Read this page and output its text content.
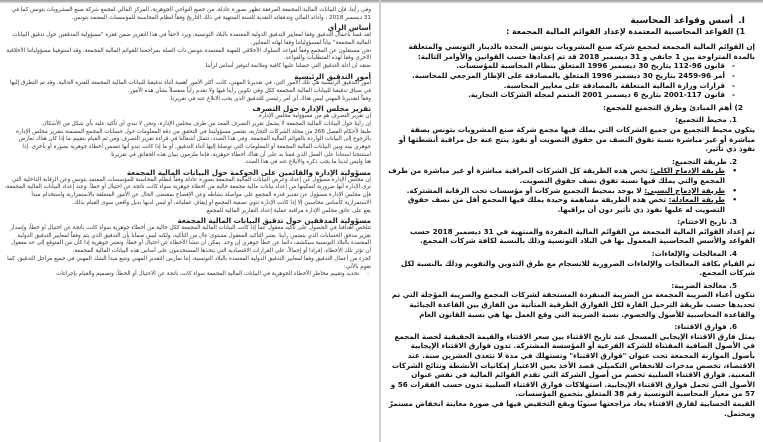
I.أسس وقواعد المحاسبة
1) القواعد المحاسبية المعتمدة لإعداد القوائم المالية المجمعة :

إن القوائم المالية المجمعة لمجمع شركة صنع المشروبات بتونس المحدة بالدينار التونسي والمتعلقة بالمدة المتراوحة بين 1 جانفي و 31 ديسمبر 2018 قد تم إعدادها حسب القوانين والأوامر التالية:

- قانون 96-112 بتاريخ 30 ديسمبر 1996 المتعلق بنظام المحاسبة للمؤسسات.
- أمر 96-2459 بتاريخ 30 ديسمبر 1996 المتعلق بالمصادقة على الإطار المرجعي للمحاسبة.
- قرارات وزارة المالية المتعلقة بالمصادقة على معايير المحاسبة.
- قانون 117-2001 بتاريخ 6 ديسمبر 2001 المتمم لمجلة الشركات التجارية.
2) أهم المبادئ وطرق التجميع للمجمع:
1. محيط التجميع:

يتكون محيط التجميع من جميع الشركات التي يملك فيها مجمع شركة صنع المشروبات بتونس بصفة مباشرة أو غير مباشرة نسبة تفوق النصف من حقوق التصويت أو نفوذ ينتج عنه حل مراقبة أنشطتها أو نفوذ ذي تأثير.

2. طريقة التجميع:
• طريقة الإدماج الكلي: تخص هذه الطريقة كل الشركات المراقبة مباشرة أو غير مباشرة من طرف المجمع والتي يملك فيها نسبة تفوق نصف حقوق التصويت.
• طريقة الإدماج النسبي: لا يوجد بمحيط التجميع شركات أو مؤسسات تحت الرقابة المشتركة.
• طريقة المعادلة: تخص هذه الطريقة مساهمة وحيدة يملك فيها المجمع أقل من نصف حقوق التصويت له عليها نفوذ ذي تأثير دون أن يراقبها.
3. تاريخ الاختتام:

تم إعداد القوائم المالية المجمعة من القوائم المالية المفردة والمنتهية في 31 ديسمبر 2018 حسب القواعد والأسس المحاسبية المعمول بها في البلاد التونسية وذلك بالنسبة لكافة شركات المجمع.

4. المعالجات والإلغاءات:

تم القيام بكافة المعالجات والإلغاءات الضرورية للانسجام مع طرق التدوين والتقويم وذلك بالنسبة لكل شركات المجمع.

5. معالجة الضريبة:

تتكون أعباء الضريبة المجمعة من الضريبة المنفردة المستحقة لشركات المجمع والضريبة المؤجلة التي تم تحديدها حسب طريقة الترحيل القارة لكل الفوارق الظرفية المتأتية من الفارق بين القاعدة الجبائية والقاعدة المحاسبية للأصول والخصوم. نسبة الضريبة التي وقع العمل بها هي نسبة القانون العام

6. فوارق الاقتناء:

يمثل فارق الاقتناء الإيجابي المسجل عند تاريخ الاقتناء بين سعر الاقتناء والقيمة الحقيقية لحصة المجمع في الأصول الصافية المقتناة للشركة الفرعية أو المؤسسة المشتركة. تدون فوارق الاقتناء الإيجابية بأصول الموازنة المجمعة تحت عنوان "فوارق الاقتناء" وتستهلك في مدة لا تتعدى العشرين سنة. عند الاقتضاء، تخصص مدخرات للانخفاض التكميلي قصد الأخذ بعين الاعتبار إمكانيات الأنشطة ونتائج الشركات المعنية. فوارق الاقتناء السلبية تخصم من أصول الشركة التي تقدم القوائم المالية في نفس عنوان الأصول التي تحمل فوارق الاقتناء الإيجابية. استهلاكات فوارق الاقتناء السلبية تدون حسب الفقرات 56 و 57 من معيار المحاسبة التونسية رقم 38 المتعلق بتجميع المؤسسات.

القيمة الحسابية لفارق الاقتناء يعاد مراجعتها سنويًا ويقع التخفيض فيها في صورة معاينة انخفاض مستمرّ ومحتمل.

وفي رأينا، فإن البيانات المالية المجمعة المرفقة تظهر بصورة عادلة، من جميع النواحي الجوهرية، المركز المالي لمجمع شركة صنع المشروبات بتونس كما في 31 ديسمبر 2018 ، وأدائه المالي وتدفقاته النقدية للسنة المنتهية في ذلك التاريخ وفقاً لنظام المحاسبة للمؤسسات المعتمد بتونس.

أساس الرأي

لقد قمنا بأعمال التدقيق وفقا لمعايير التدقيق الدولية المعتمدة بالبلاد التونسية، ويرد لاحقاً في هذا التقرير ضمن فقرة "مسؤولية المدققين حول تدقيق البيانات المالية المجمعة" بياناً لمسؤولياتنا وفقا لهاته المعايير.

نحن مستقلون عن المجمع وفقاً لقواعد السلوك الأخلاقي للمهنة المعتمدة بتونس ذات الصلة بمراجعتنا للقوائم المالية المجمعة. وقد استوفينا مسؤولياتنا الأخلاقية الأخرى وفقا لهذه المتطلبات والقواعد.

نعتقد أن أدلة التدقيق التي حصلنا عليها كافية وملائمة لتوفير أساس لرأينا.

أمور التدقيق الرئيسية

أمور التدقيق الرئيسية هي تلك الأمور التي، في تقديرنا المهني، كانت أكثر الأمور أهمية أثناء تدقيقنا للبيانات المالية المجمعة للفترة الحالية. وقد تم التطرق إليها في سياق تدقيقنا للبيانات المالية المجمعة ككل وفي تكوين رأينا فيها ولا نقدم رأياً منفصلاً بشأن هذه الأمور.

وفقاً لتقديرنا المهني ليس هناك أي أمر رئيسي للتدقيق الذي يجب الابلاغ عنه في تقريرنا.

تقرير مجلس الإدارة حول التصرف

إن تقرير التصرف هو من مسؤولية مجلس الإدارة.

إن رأينا حول البيانات المالية المجمعة لا يشمل تقرير التصرف المعد من طرف مجلس الإدارة، ونحن لا نبدي أي تأكيد عليه بأي شكل من الأشكال.

طبقا لأحكام الفصل 266 من مجلة الشركات التجارية، تقتصر مسؤوليتنا في التحقق من دقة المعلومات حول حسابات المجمع المضمنة بتقرير مجلس الإدارة بالرجوع إلى البيانات الواردة بالقوائم المالية المجمعة. وفي هذا الصدد، تتمثل أشغالنا في قراءة تقرير التصرف ومن ثم القيام بتقييم ما إذا كان هناك تعارض جوهري بينه وبين البيانات المالية المجمعة أو المعلومات التي توصلنا إليها أثناء التدقيق، أو ما إذا كانت تبدو أنها تتضمن أخطاء جوهرية بصورة أو بأخرى. إذا استنتجنا استنادا على العمل الذي قمنا به على أن هناك أخطاء جوهرية، فإننا ملزمون ببيان هذه الحقائق في تقريرنا.

هنا وليس لدينا ما يجب ذكره والابلاغ عنه في هذا الصدد.

مسؤولية الإدارة والقائمين على الحوكمة حول البيانات المالية المجمعة

إن مجلس الإدارة مسؤول عن إعداد وعرض البيانات المالية المجمعة بصورة عادلة وفقاً لنظام المحاسبة للمؤسسات المعتمد بتونس وعن الرقابة الداخلية التي ترى الإدارة أنها ضرورية لتمكينها من إعداد بيانات مالية مجمعة خالية من أخطاء جوهرية سواء كانت ناتجة عن احتيال أو خطأ. وعند إعداد البيانات المالية المجمعة، فإن مجلس الإدارة مسؤول عن تقدير قدرة المجمع على مواصلة نشاطه وعن الإفصاح بمقتضى الحال عن الأمور المتعلقة بالاستمرارية واستخدام مبدأ الاستمرارية كأساس محاسبي إلا إذا كانت الإدارة تنوي تصفية المجمع أو إيقاف عملياته، أو ليس لديها بديل واقعي سوى القيام بذلك.

يقع على عاتق مجلس الإدارة مراقبة عملية إعداد التقارير المالية للمجمع.

مسؤولية المدققين حول تدقيق البيانات المالية المجمعة

تتلخص أهدافنا في الحصول على تأكيد معقول عما إذا كانت البيانات المالية المجمعة ككل خالية من أخطاء جوهرية سواء كانت ناتجة عن احتيال أو خطأ، وإصدار تقرير مدقق الحسابات الذي يتضمن رأينا. يعتبر التأكيد المعقول مستوى عال من التأكيد، ولكنه ليس ضمانا بأن التدقيق الذي يتم وفقاً لمعايير التدقيق الدولية المعتمدة بالبلاد التونسية سيكشف دائما عن خطأ جوهري إن وجد. يمكن أن تنشأ الأخطاء عن احتيال أو خطأ، وتعتبر جوهرية إذا كان من المتوقع إلى حد معقول أن تؤثر تلك الأخطاء، إفرادا أو إجمالاً، على القرارات الاقتصادية التي يتخذها المستخدمون على أساس هذه البيانات المالية المجمعة.

كجزء من أعمال التدقيق وفقا لمعايير التدقيق الدولية المعتمدة بالبلاد التونسية، إننا نمارس التقدير المهني ونتبع مبدأ الشك المهني في جميع مراحل التدقيق. كما نقوم بالآتي:

- تحديد وتقييم مخاطر الأخطاء الجوهرية في البيانات المالية المجمعة سواء كانت ناتجة عن الاحتيال أو الخطأ، وتصميم والقيام بإجراءات
